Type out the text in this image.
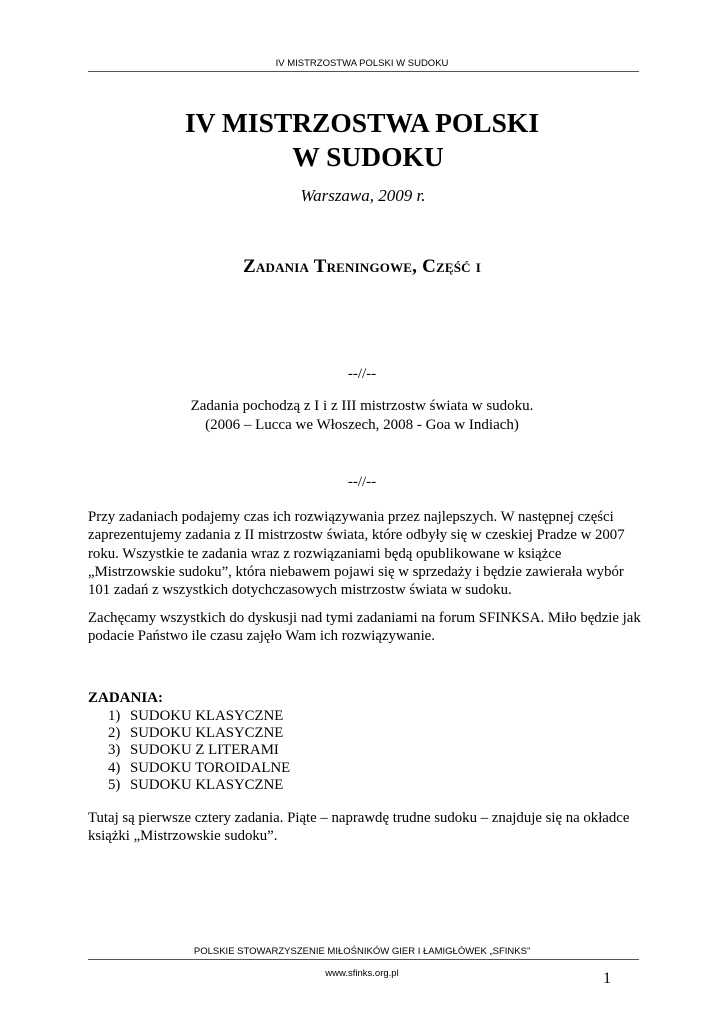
IV MISTRZOSTWA POLSKI W SUDOKU
IV MISTRZOSTWA POLSKI
W SUDOKU
Warszawa, 2009 r.
Zadania Treningowe, Część i
--//--
Zadania pochodzą z I i z III mistrzostw świata w sudoku.
(2006 – Lucca we Włoszech, 2008 - Goa w Indiach)
--//--
Przy zadaniach podajemy czas ich rozwiązywania przez najlepszych. W następnej części
zaprezentujemy zadania z II mistrzostw świata, które odbyły się w czeskiej Pradze w 2007
roku. Wszystkie te zadania wraz z rozwiązaniami będą opublikowane w książce
„Mistrzowskie sudoku”, która niebawem pojawi się w sprzedaży i będzie zawierała wybór
101 zadań z wszystkich dotychczasowych mistrzostw świata w sudoku.
Zachęcamy wszystkich do dyskusji nad tymi zadaniami na forum SFINKSA. Miło będzie jak
podacie Państwo ile czasu zajęło Wam ich rozwiązywanie.
ZADANIA:
1) SUDOKU KLASYCZNE
2) SUDOKU KLASYCZNE
3) SUDOKU Z LITERAMI
4) SUDOKU TOROIDALNE
5) SUDOKU KLASYCZNE
Tutaj są pierwsze cztery zadania. Piąte – naprawdę trudne sudoku – znajduje się na okładce
książki „Mistrzowskie sudoku”.
POLSKIE STOWARZYSZENIE MIŁOŚNIKÓW GIER I ŁAMIGŁÓWEK „SFINKS”
www.sfinks.org.pl	1
